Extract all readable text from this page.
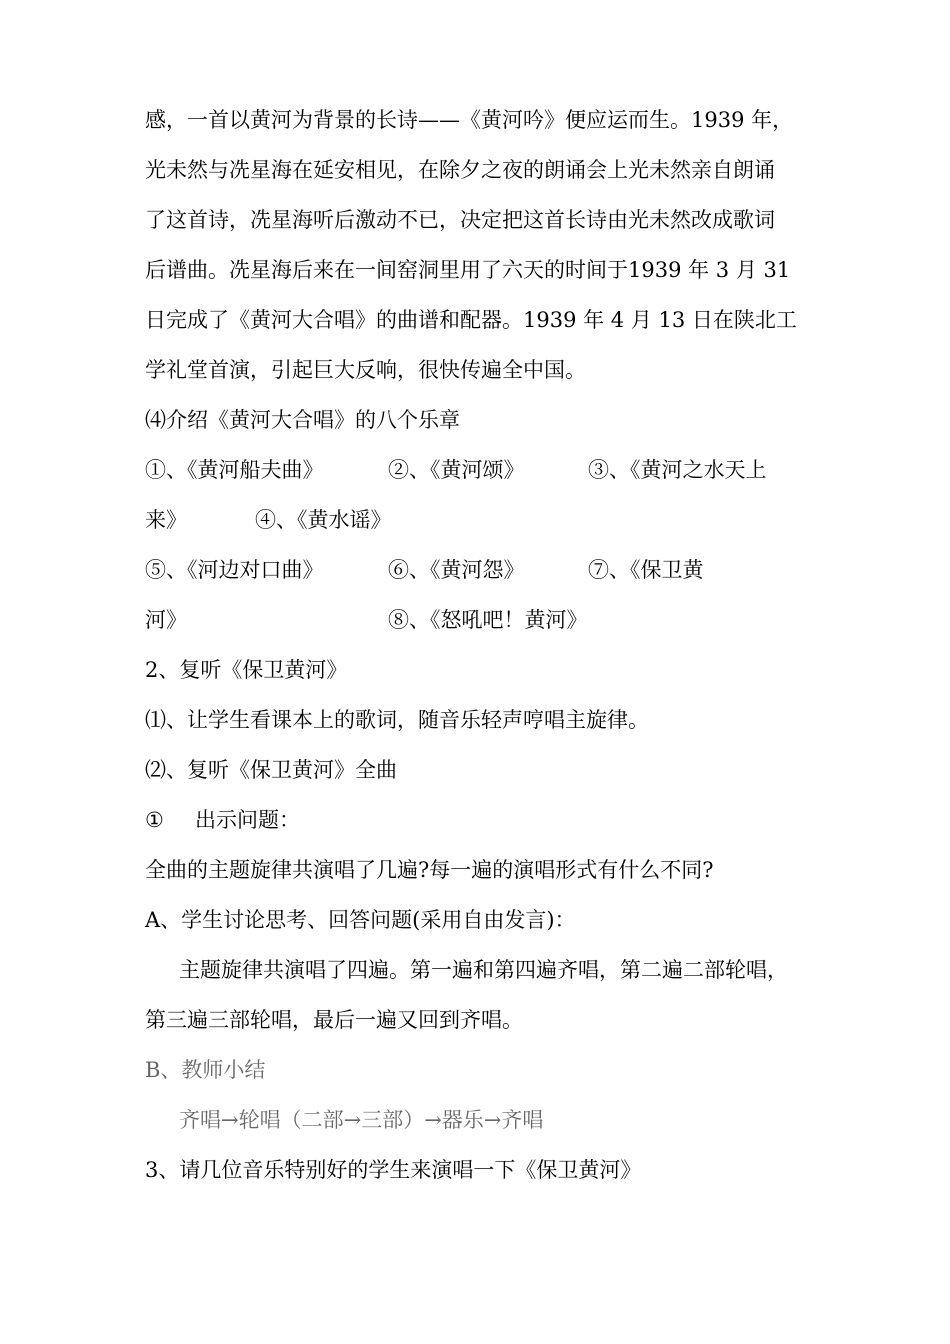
感，一首以黄河为背景的长诗——《黄河吟》便应运而生。1939 年，
光未然与冼星海在延安相见，在除夕之夜的朗诵会上光未然亲自朗诵
了这首诗，冼星海听后激动不已，决定把这首长诗由光未然改成歌词
后谱曲。冼星海后来在一间窑洞里用了六天的时间于1939 年 3 月 31
日完成了《黄河大合唱》的曲谱和配器。1939 年 4 月 13 日在陕北工
学礼堂首演，引起巨大反响，很快传遍全中国。
⑷介绍《黄河大合唱》的八个乐章
①、《黄河船夫曲》	②、《黄河颂》	③、《黄河之水天上
来》	④、《黄水谣》
⑤、《河边对口曲》	⑥、《黄河怨》	⑦、《保卫黄
河》	⑧、《怒吼吧！黄河》
2、复听《保卫黄河》
⑴、让学生看课本上的歌词，随音乐轻声哼唱主旋律。
⑵、复听《保卫黄河》全曲
① 出示问题：
全曲的主题旋律共演唱了几遍?每一遍的演唱形式有什么不同?
A、学生讨论思考、回答问题(采用自由发言)：
主题旋律共演唱了四遍。第一遍和第四遍齐唱，第二遍二部轮唱，
第三遍三部轮唱，最后一遍又回到齐唱。
B、教师小结
齐唱→轮唱（二部→三部）→器乐→齐唱
3、请几位音乐特别好的学生来演唱一下《保卫黄河》
